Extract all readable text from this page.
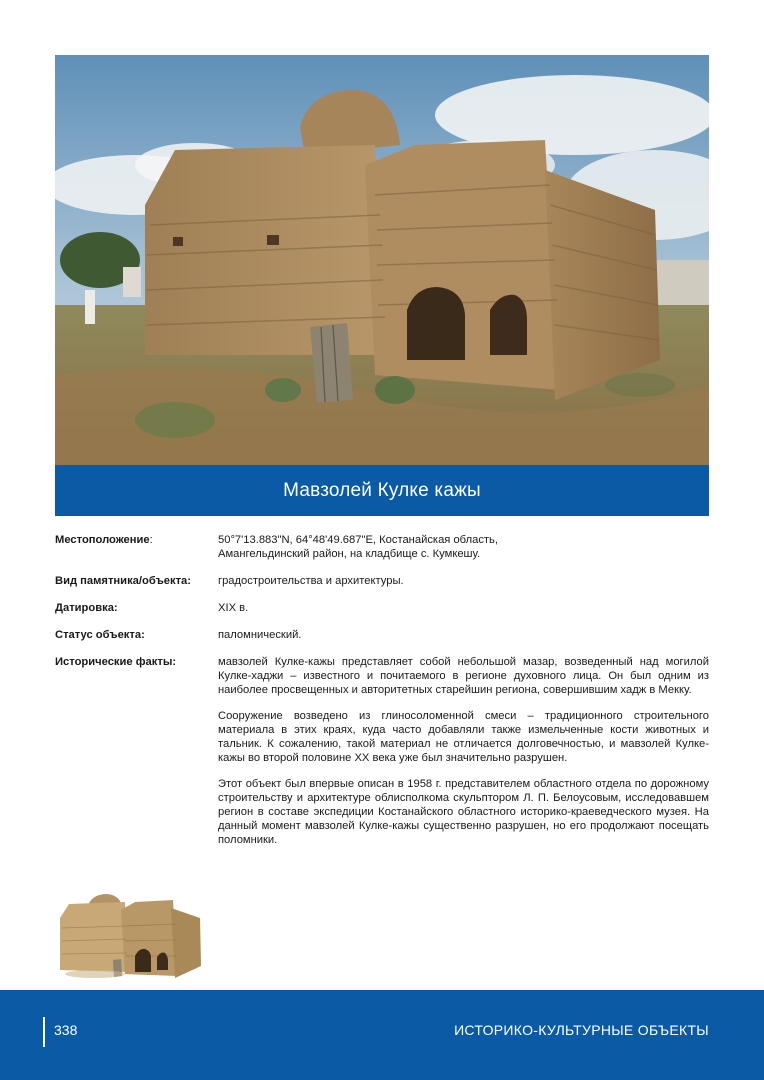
Мавзолей Кулке кажы
Местоположение:	50°7'13.883"N, 64°48'49.687"E, Костанайская область,
Амангельдинский район, на кладбище с. Кумкешу.
Вид памятника/объекта:	градостроительства и архитектуры.
Датировка:	XIX в.
Статус объекта:	паломнический.
Исторические факты:	мавзолей Кулке-кажы представляет собой небольшой мазар, возведенный над могилой Кулке-хаджи – известного и почитаемого в регионе духовного лица. Он был одним из наиболее просвещенных и авторитетных старейшин региона, совершившим хадж в Мекку.

Сооружение возведено из глиносоломенной смеси – традиционного строительного материала в этих краях, куда часто добавляли также измельченные кости животных и тальник. К сожалению, такой материал не отличается долговечностью, и мавзолей Кулке-кажы во второй половине XX века уже был значительно разрушен.

Этот объект был впервые описан в 1958 г. представителем областного отдела по дорожному строительству и архитектуре облисполкома скульптором Л. П. Белоусовым, исследовавшем регион в составе экспедиции Костанайского областного историко-краеведческого музея. На данный момент мавзолей Кулке-кажы существенно разрушен, но его продолжают посещать поломники.

338	ИСТОРИКО-КУЛЬТУРНЫЕ ОБЪЕКТЫ
